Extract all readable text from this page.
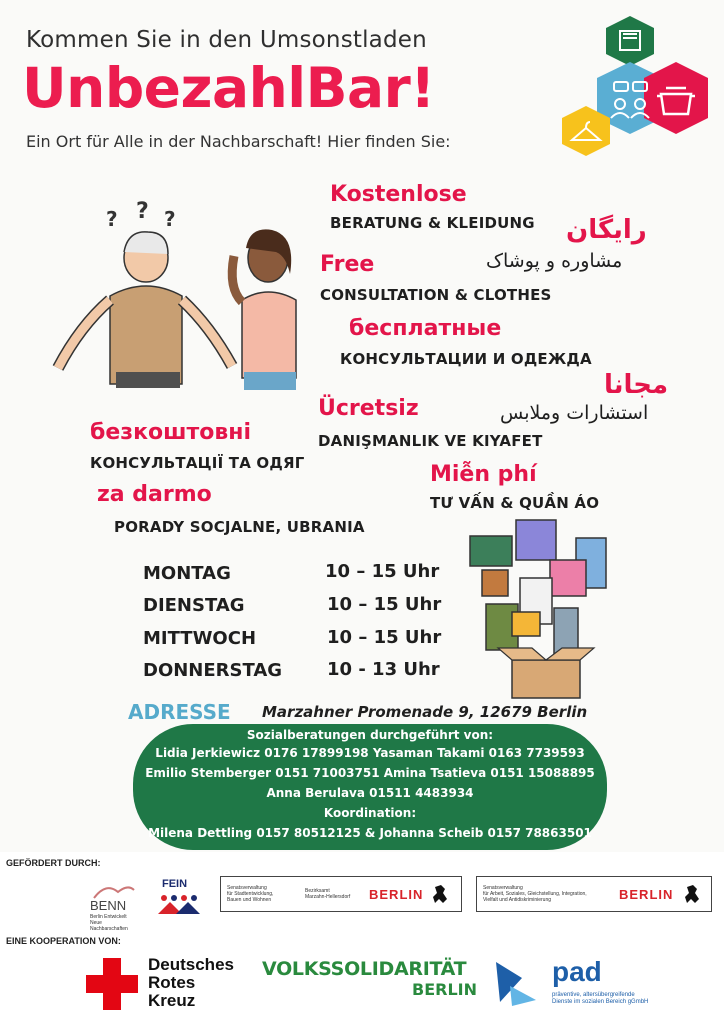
Kommen Sie in den Umsonstladen
UnbezahlBar!
Ein Ort für Alle in der Nachbarschaft! Hier finden Sie:
? ? ?
Kostenlose
BERATUNG & KLEIDUNG رایگان
مشاوره و پوشاک
Free
CONSULTATION & CLOTHES
бесплатные
КОНСУЛЬТАЦИИ И ОДЕЖДА
مجانا
استشارات وملابس
Ücretsiz
DANIŞMANLIK VE KIYAFET
безкоштовні
КОНСУЛЬТАЦІЇ ТА ОДЯГ	Miễn phí
TƯ VẤN & QUẦN ÁO
za darmo
PORADY SOCJALNE, UBRANIA
MONTAG	10 – 15 Uhr
DIENSTAG	10 – 15 Uhr
MITTWOCH	10 – 15 Uhr
DONNERSTAG 10 - 13 Uhr
ADRESSE Marzahner Promenade 9, 12679 Berlin
Sozialberatungen durchgeführt von:
Lidia Jerkiewicz 0176 17899198 Yasaman Takami 0163 7739593
Emilio Stemberger 0151 71003751 Amina Tsatieva 0151 15088895
Anna Berulava 01511 4483934
Koordination:
Milena Dettling 0157 80512125 & Johanna Scheib 0157 78863501
GEFÖRDERT DURCH:
BENN
Berlin Entwickelt
Neue Nachbarschaften
FEIN	Senatsverwaltung
für Stadtentwicklung,
Bauen und Wohnen
Bezirksamt
Marzahn-Hellersdorf BERLIN	Senatsverwaltung
für Arbeit, Soziales, Gleichstellung, Integration,
Vielfalt und Antidiskriminierung	BERLIN
EINE KOOPERATION VON:
Deutsches
Rotes
Kreuz
VOLKSSOLIDARITÄT
BERLIN
pad
präventive, altersübergreifende
Dienste im sozialen Bereich gGmbH
